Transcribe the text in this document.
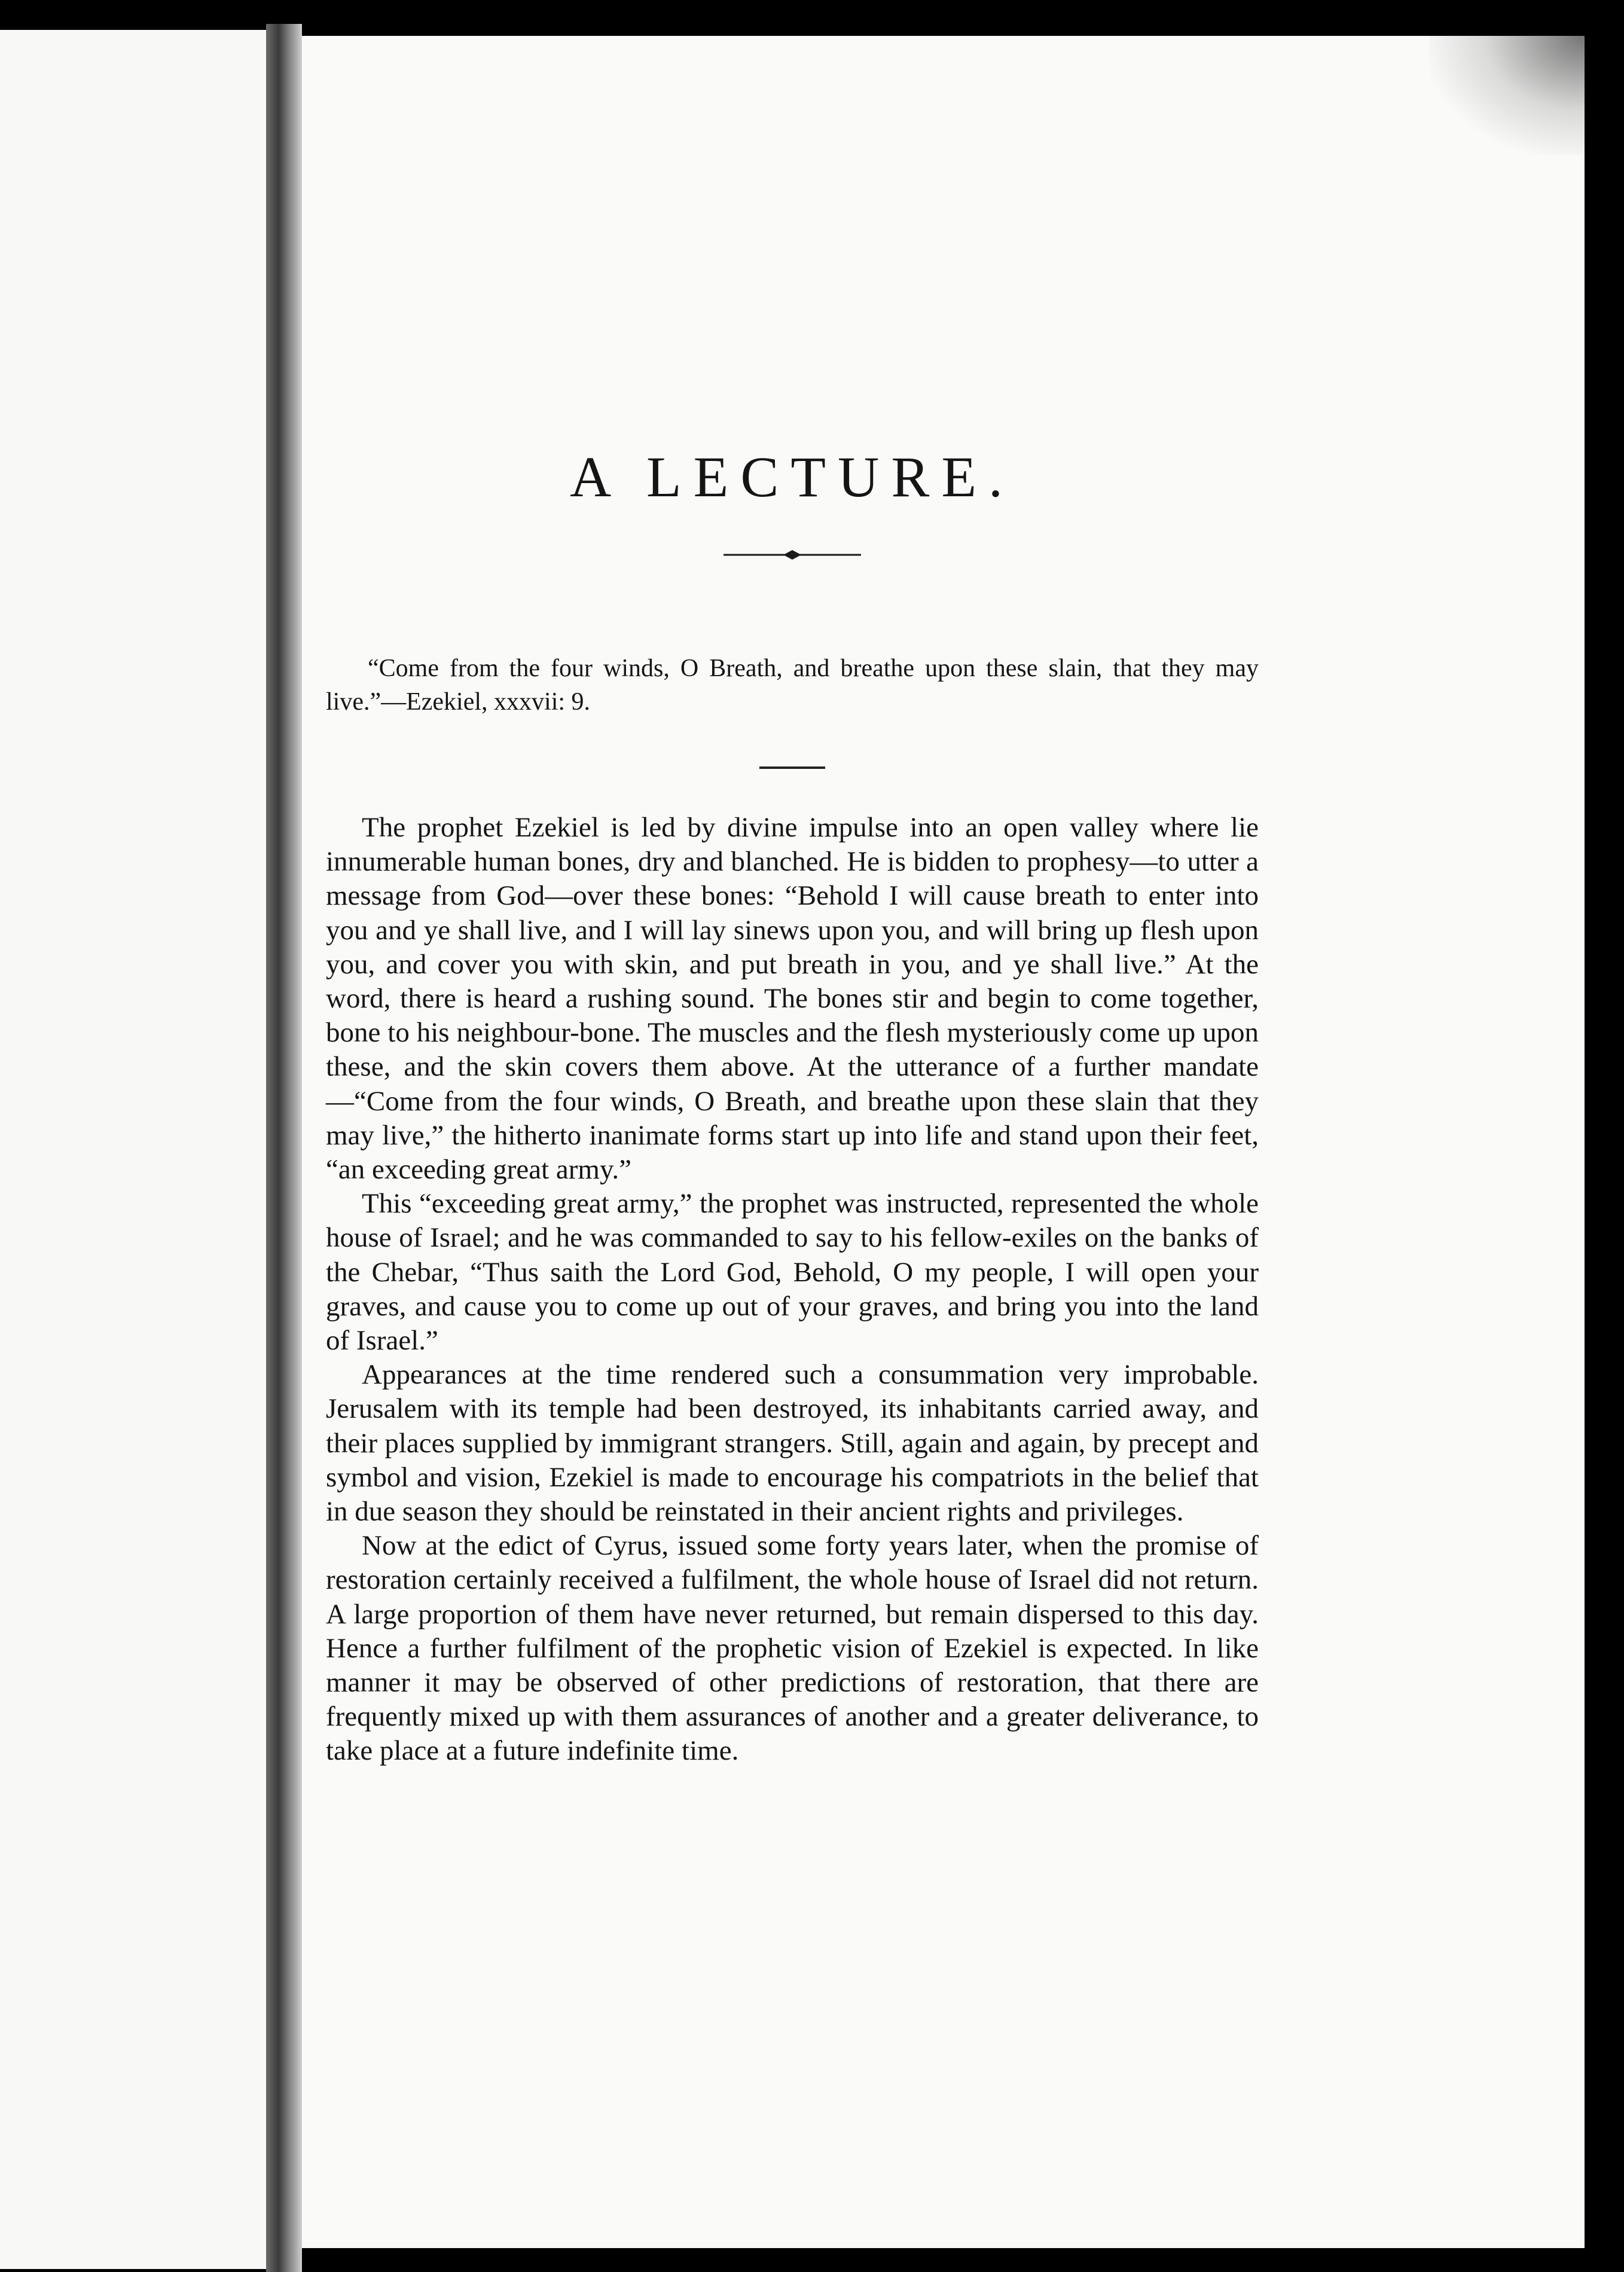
A LECTURE.

“Come from the four winds, O Breath, and breathe upon these slain, that they may live.”—Ezekiel, xxxvii: 9.

The prophet Ezekiel is led by divine impulse into an open valley where lie innumerable human bones, dry and blanched. He is bidden to prophesy—to utter a message from God—over these bones: “Behold I will cause breath to enter into you and ye shall live, and I will lay sinews upon you, and will bring up flesh upon you, and cover you with skin, and put breath in you, and ye shall live.” At the word, there is heard a rushing sound. The bones stir and begin to come together, bone to his neighbour-bone. The muscles and the flesh mysteriously come up upon these, and the skin covers them above. At the utterance of a further mandate—“Come from the four winds, O Breath, and breathe upon these slain that they may live,” the hitherto inanimate forms start up into life and stand upon their feet, “an exceeding great army.”

This “exceeding great army,” the prophet was instructed, represented the whole house of Israel; and he was commanded to say to his fellow-exiles on the banks of the Chebar, “Thus saith the Lord God, Behold, O my people, I will open your graves, and cause you to come up out of your graves, and bring you into the land of Israel.”

Appearances at the time rendered such a consummation very improbable. Jerusalem with its temple had been destroyed, its inhabitants carried away, and their places supplied by immigrant strangers. Still, again and again, by precept and symbol and vision, Ezekiel is made to encourage his compatriots in the belief that in due season they should be reinstated in their ancient rights and privileges.

Now at the edict of Cyrus, issued some forty years later, when the promise of restoration certainly received a fulfilment, the whole house of Israel did not return. A large proportion of them have never returned, but remain dispersed to this day. Hence a further fulfilment of the prophetic vision of Ezekiel is expected. In like manner it may be observed of other predictions of restoration, that there are frequently mixed up with them assurances of another and a greater deliverance, to take place at a future indefinite time.
